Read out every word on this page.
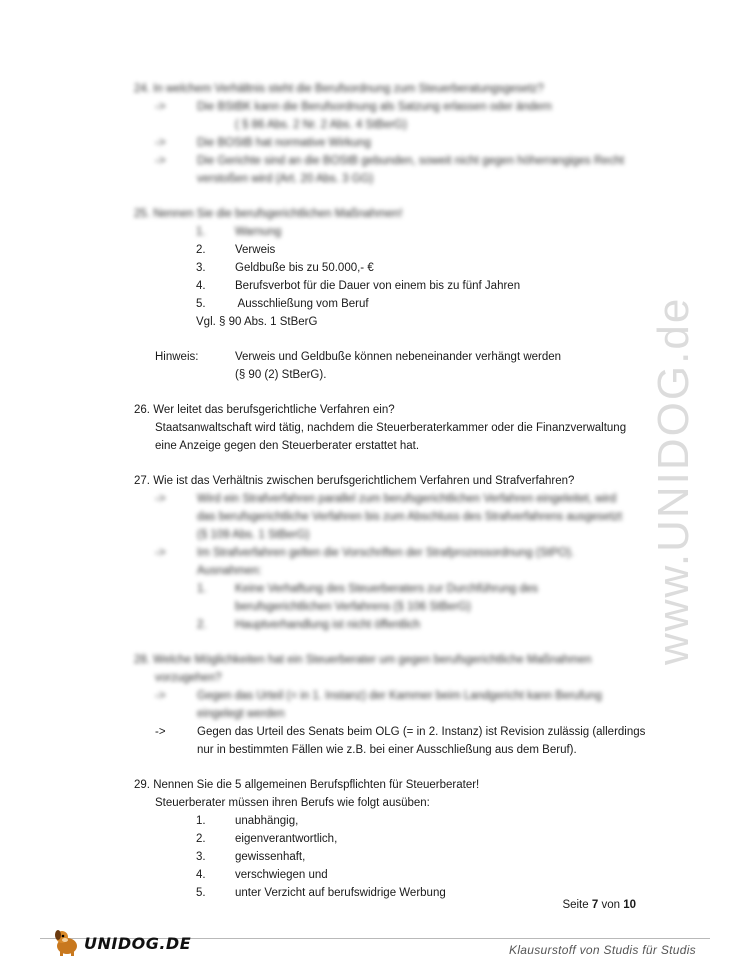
www.UNIDOG.de
24. In welchem Verhältnis steht die Berufsordnung zum Steuerberatungsgesetz?
->	Die BStBK kann die Berufsordnung als Satzung erlassen oder ändern
( § 86 Abs. 2 Nr. 2 Abs. 4 StBerG)
->	Die BOStB hat normative Wirkung
->	Die Gerichte sind an die BOStB gebunden, soweit nicht gegen höherrangiges Recht
verstoßen wird (Art. 20 Abs. 3 GG)
25. Nennen Sie die berufsgerichtlichen Maßnahmen!
1.	Warnung
2.	Verweis
3.	Geldbuße bis zu 50.000,- €
4.	Berufsverbot für die Dauer von einem bis zu fünf Jahren
5.	Ausschließung vom Beruf
Vgl. § 90 Abs. 1 StBerG
Hinweis:	Verweis und Geldbuße können nebeneinander verhängt werden
(§ 90 (2) StBerG).
26. Wer leitet das berufsgerichtliche Verfahren ein?
Staatsanwaltschaft wird tätig, nachdem die Steuerberaterkammer oder die Finanzverwaltung
eine Anzeige gegen den Steuerberater erstattet hat.
27. Wie ist das Verhältnis zwischen berufsgerichtlichem Verfahren und Strafverfahren?
->	Wird ein Strafverfahren parallel zum berufsgerichtlichen Verfahren eingeleitet, wird
das berufsgerichtliche Verfahren bis zum Abschluss des Strafverfahrens ausgesetzt
(§ 109 Abs. 1 StBerG)
->	Im Strafverfahren gelten die Vorschriften der Strafprozessordnung (StPO).
Ausnahmen:
1. Keine Verhaftung des Steuerberaters zur Durchführung des
berufsgerichtlichen Verfahrens (§ 106 StBerG)
2. Hauptverhandlung ist nicht öffentlich
28. Welche Möglichkeiten hat ein Steuerberater um gegen berufsgerichtliche Maßnahmen
vorzugehen?
->	Gegen das Urteil (= in 1. Instanz) der Kammer beim Landgericht kann Berufung
eingelegt werden
->	Gegen das Urteil des Senats beim OLG (= in 2. Instanz) ist Revision zulässig (allerdings
nur in bestimmten Fällen wie z.B. bei einer Ausschließung aus dem Beruf).
29. Nennen Sie die 5 allgemeinen Berufspflichten für Steuerberater!
Steuerberater müssen ihren Berufs wie folgt ausüben:
1.	unabhängig,
2.	eigenverantwortlich,
3.	gewissenhaft,
4.	verschwiegen und
5.	unter Verzicht auf berufswidrige Werbung
Seite 7 von 10
UNIDOG.DE	Klausurstoff von Studis für Studis
